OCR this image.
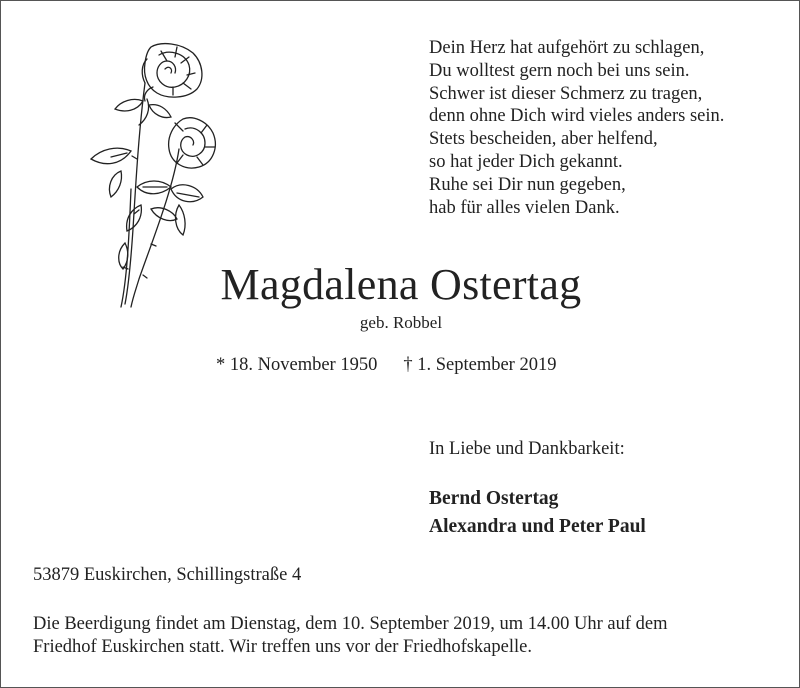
Dein Herz hat aufgehört zu schlagen,
Du wolltest gern noch bei uns sein.
Schwer ist dieser Schmerz zu tragen,
denn ohne Dich wird vieles anders sein.
Stets bescheiden, aber helfend,
so hat jeder Dich gekannt.
Ruhe sei Dir nun gegeben,
hab für alles vielen Dank.
Magdalena Ostertag
geb. Robbel
* 18. November 1950 † 1. September 2019
In Liebe und Dankbarkeit:
Bernd Ostertag
Alexandra und Peter Paul
53879 Euskirchen, Schillingstraße 4
Die Beerdigung findet am Dienstag, dem 10. September 2019, um 14.00 Uhr auf dem
Friedhof Euskirchen statt. Wir treffen uns vor der Friedhofskapelle.
